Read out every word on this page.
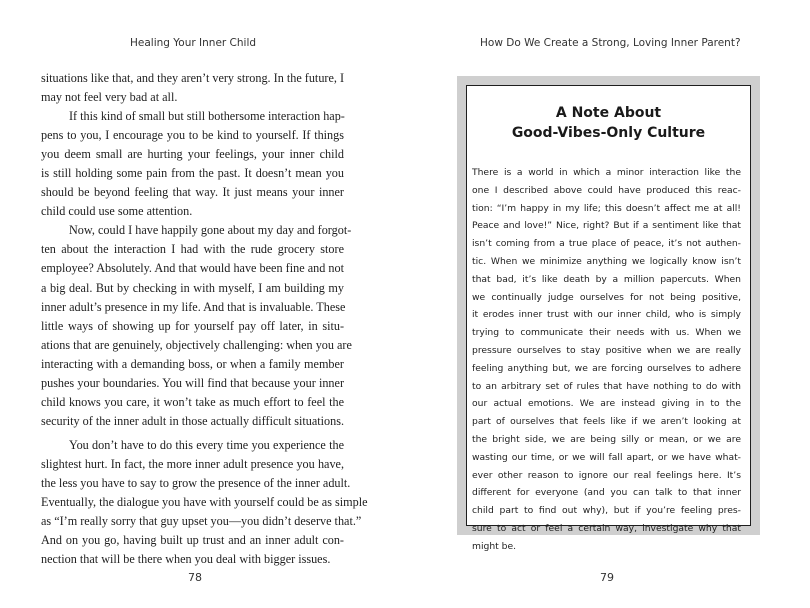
Healing Your Inner Child
situations like that, and they aren’t very strong. In the future, I
may not feel very bad at all.
If this kind of small but still bothersome interaction hap-
pens to you, I encourage you to be kind to yourself. If things
you deem small are hurting your feelings, your inner child
is still holding some pain from the past. It doesn’t mean you
should be beyond feeling that way. It just means your inner
child could use some attention.
Now, could I have happily gone about my day and forgot-
ten about the interaction I had with the rude grocery store
employee? Absolutely. And that would have been fine and not
a big deal. But by checking in with myself, I am building my
inner adult’s presence in my life. And that is invaluable. These
little ways of showing up for yourself pay off later, in situ-
ations that are genuinely, objectively challenging: when you are
interacting with a demanding boss, or when a family member
pushes your boundaries. You will find that because your inner
child knows you care, it won’t take as much effort to feel the
security of the inner adult in those actually difficult situations.
You don’t have to do this every time you experience the
slightest hurt. In fact, the more inner adult presence you have,
the less you have to say to grow the presence of the inner adult.
Eventually, the dialogue you have with yourself could be as simple
as “I’m really sorry that guy upset you—you didn’t deserve that.”
And on you go, having built up trust and an inner adult con-
nection that will be there when you deal with bigger issues.
78
How Do We Create a Strong, Loving Inner Parent?
A Note About
Good-Vibes-Only Culture
There is a world in which a minor interaction like the
one I described above could have produced this reac-
tion: “I’m happy in my life; this doesn’t affect me at all!
Peace and love!” Nice, right? But if a sentiment like that
isn’t coming from a true place of peace, it’s not authen-
tic. When we minimize anything we logically know isn’t
that bad, it’s like death by a million papercuts. When
we continually judge ourselves for not being positive,
it erodes inner trust with our inner child, who is simply
trying to communicate their needs with us. When we
pressure ourselves to stay positive when we are really
feeling anything but, we are forcing ourselves to adhere
to an arbitrary set of rules that have nothing to do with
our actual emotions. We are instead giving in to the
part of ourselves that feels like if we aren’t looking at
the bright side, we are being silly or mean, or we are
wasting our time, or we will fall apart, or we have what-
ever other reason to ignore our real feelings here. It’s
different for everyone (and you can talk to that inner
child part to find out why), but if you’re feeling pres-
sure to act or feel a certain way, investigate why that
might be.
79
